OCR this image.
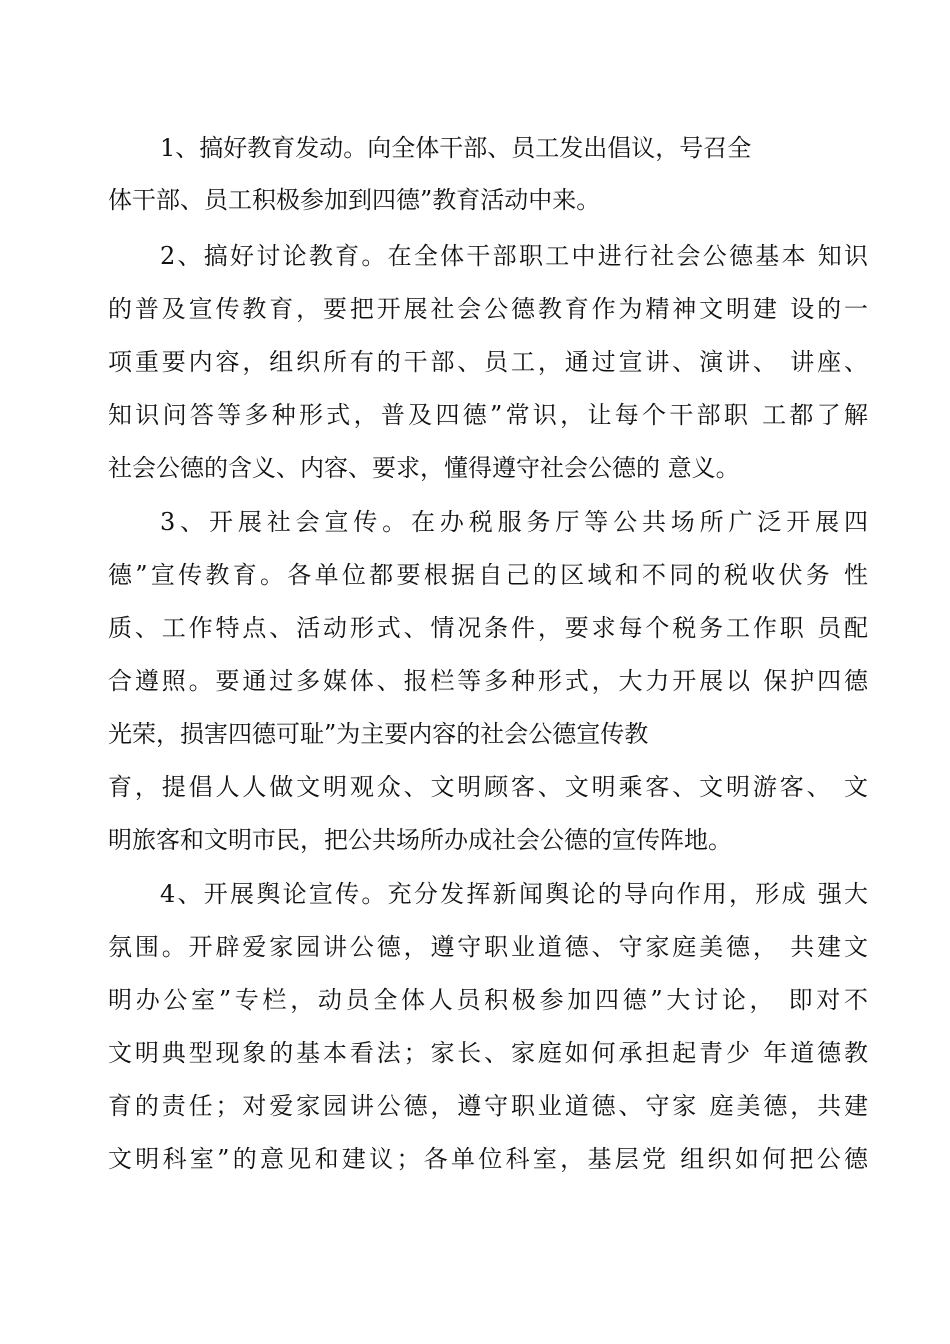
1、搞好教育发动。向全体干部、员工发出倡议，号召全
体干部、员工积极参加到四德”教育活动中来。
2、搞好讨论教育。在全体干部职工中进行社会公德基本 知识
的普及宣传教育，要把开展社会公德教育作为精神文明建 设的一
项重要内容，组织所有的干部、员工，通过宣讲、演讲、 讲座、
知识问答等多种形式，普及四德”常识，让每个干部职 工都了解
社会公德的含义、内容、要求，懂得遵守社会公德的 意义。
3、开展社会宣传。在办税服务厅等公共场所广泛开展四
德”宣传教育。各单位都要根据自己的区域和不同的税收伏务 性
质、工作特点、活动形式、情况条件，要求每个税务工作职 员配
合遵照。要通过多媒体、报栏等多种形式，大力开展以 保护四德
光荣，损害四德可耻”为主要内容的社会公德宣传教
育，提倡人人做文明观众、文明顾客、文明乘客、文明游客、 文
明旅客和文明市民，把公共场所办成社会公德的宣传阵地。
4、开展舆论宣传。充分发挥新闻舆论的导向作用，形成 强大
氛围。开辟爱家园讲公德，遵守职业道德、守家庭美德， 共建文
明办公室”专栏，动员全体人员积极参加四德”大讨论， 即对不
文明典型现象的基本看法；家长、家庭如何承担起青少 年道德教
育的责任；对爱家园讲公德，遵守职业道德、守家 庭美德，共建
文明科室”的意见和建议；各单位科室，基层党 组织如何把公德
